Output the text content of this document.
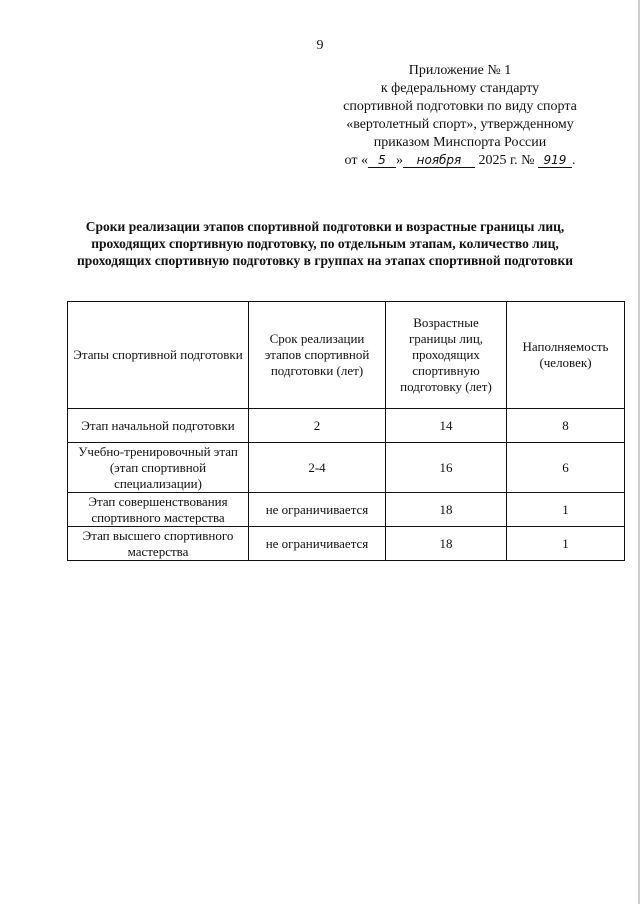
9
Приложение № 1
к федеральному стандарту
спортивной подготовки по виду спорта
«вертолетный спорт», утвержденному
приказом Минспорта России
от « 5 » ноября 2025 г. № 919 .
Сроки реализации этапов спортивной подготовки и возрастные границы лиц, проходящих спортивную подготовку, по отдельным этапам, количество лиц, проходящих спортивную подготовку в группах на этапах спортивной подготовки
Этапы спортивной подготовки	Срок реализации этапов спортивной подготовки (лет)	Возрастные границы лиц, проходящих спортивную подготовку (лет)	Наполняемость (человек)
Этап начальной подготовки	2	14	8
Учебно-тренировочный этап (этап спортивной специализации)	2-4	16	6
Этап совершенствования спортивного мастерства	не ограничивается	18	1
Этап высшего спортивного мастерства	не ограничивается	18	1
